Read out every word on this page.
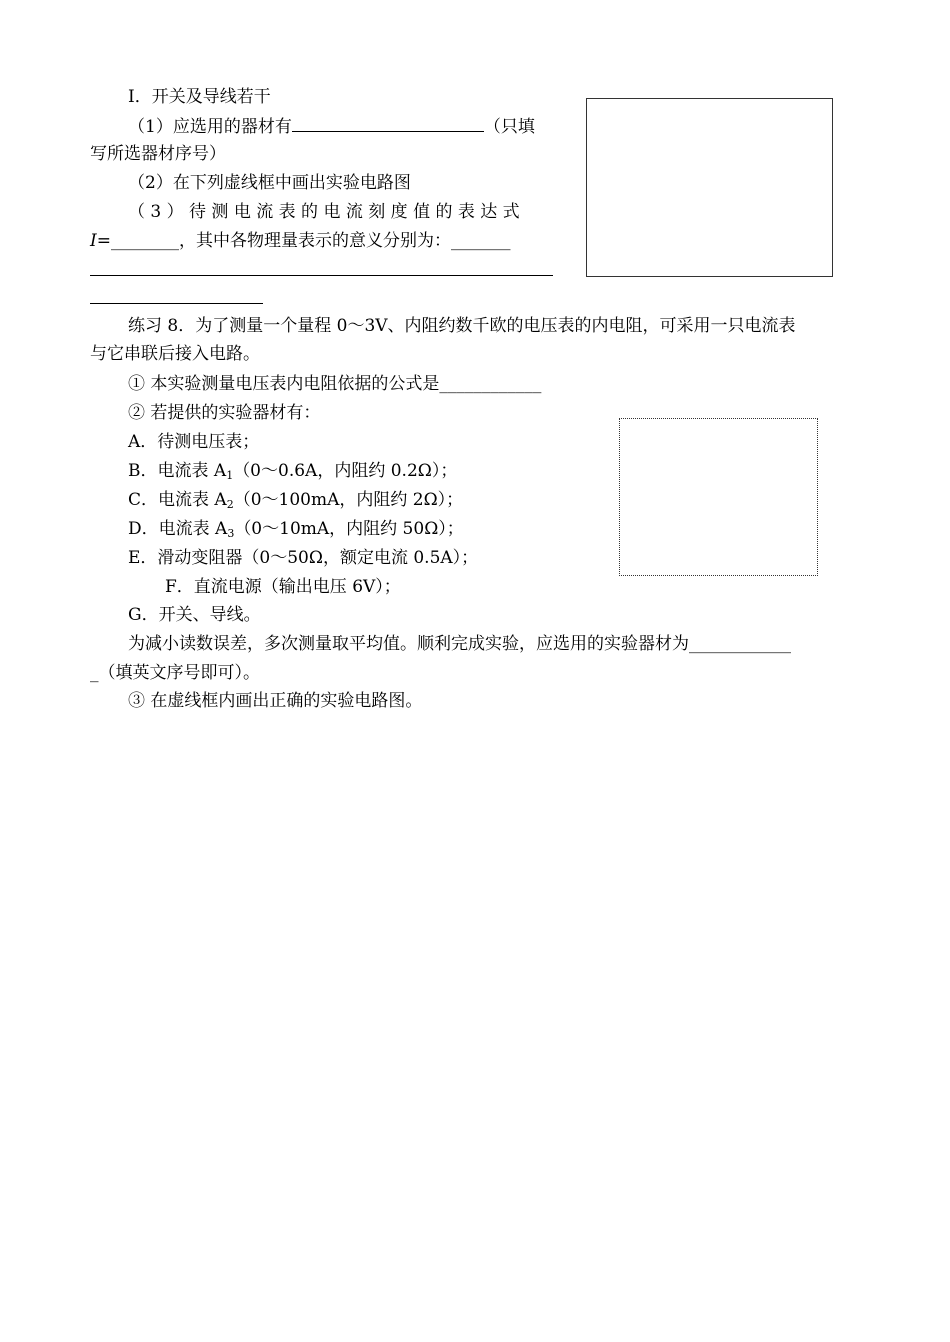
I．开关及导线若干
（1）应选用的器材有	（只填
写所选器材序号）
（2）在下列虚线框中画出实验电路图
（ 3 ） 待 测 电 流 表 的 电 流 刻 度 值 的 表 达 式
I=________，其中各物理量表示的意义分别为：_______
练习 8．为了测量一个量程 0～3V、内阻约数千欧的电压表的内电阻，可采用一只电流表
与它串联后接入电路。
① 本实验测量电压表内电阻依据的公式是____________
② 若提供的实验器材有：
A．待测电压表；
B．电流表 $A_1(0\sim 0.6A$，内阻约 0.2Ω）；
C．电流表 $A_2(0\sim 100mA$，内阻约 2Ω）；
D．电流表 $A_3(0\sim 10mA$，内阻约 50Ω）；
E．滑动变阻器（0～50Ω，额定电流 0.5A）；
F．直流电源（输出电压 6V）；
G．开关、导线。
为减小读数误差，多次测量取平均值。顺利完成实验，应选用的实验器材为____________
_（填英文序号即可）。
③ 在虚线框内画出正确的实验电路图。
